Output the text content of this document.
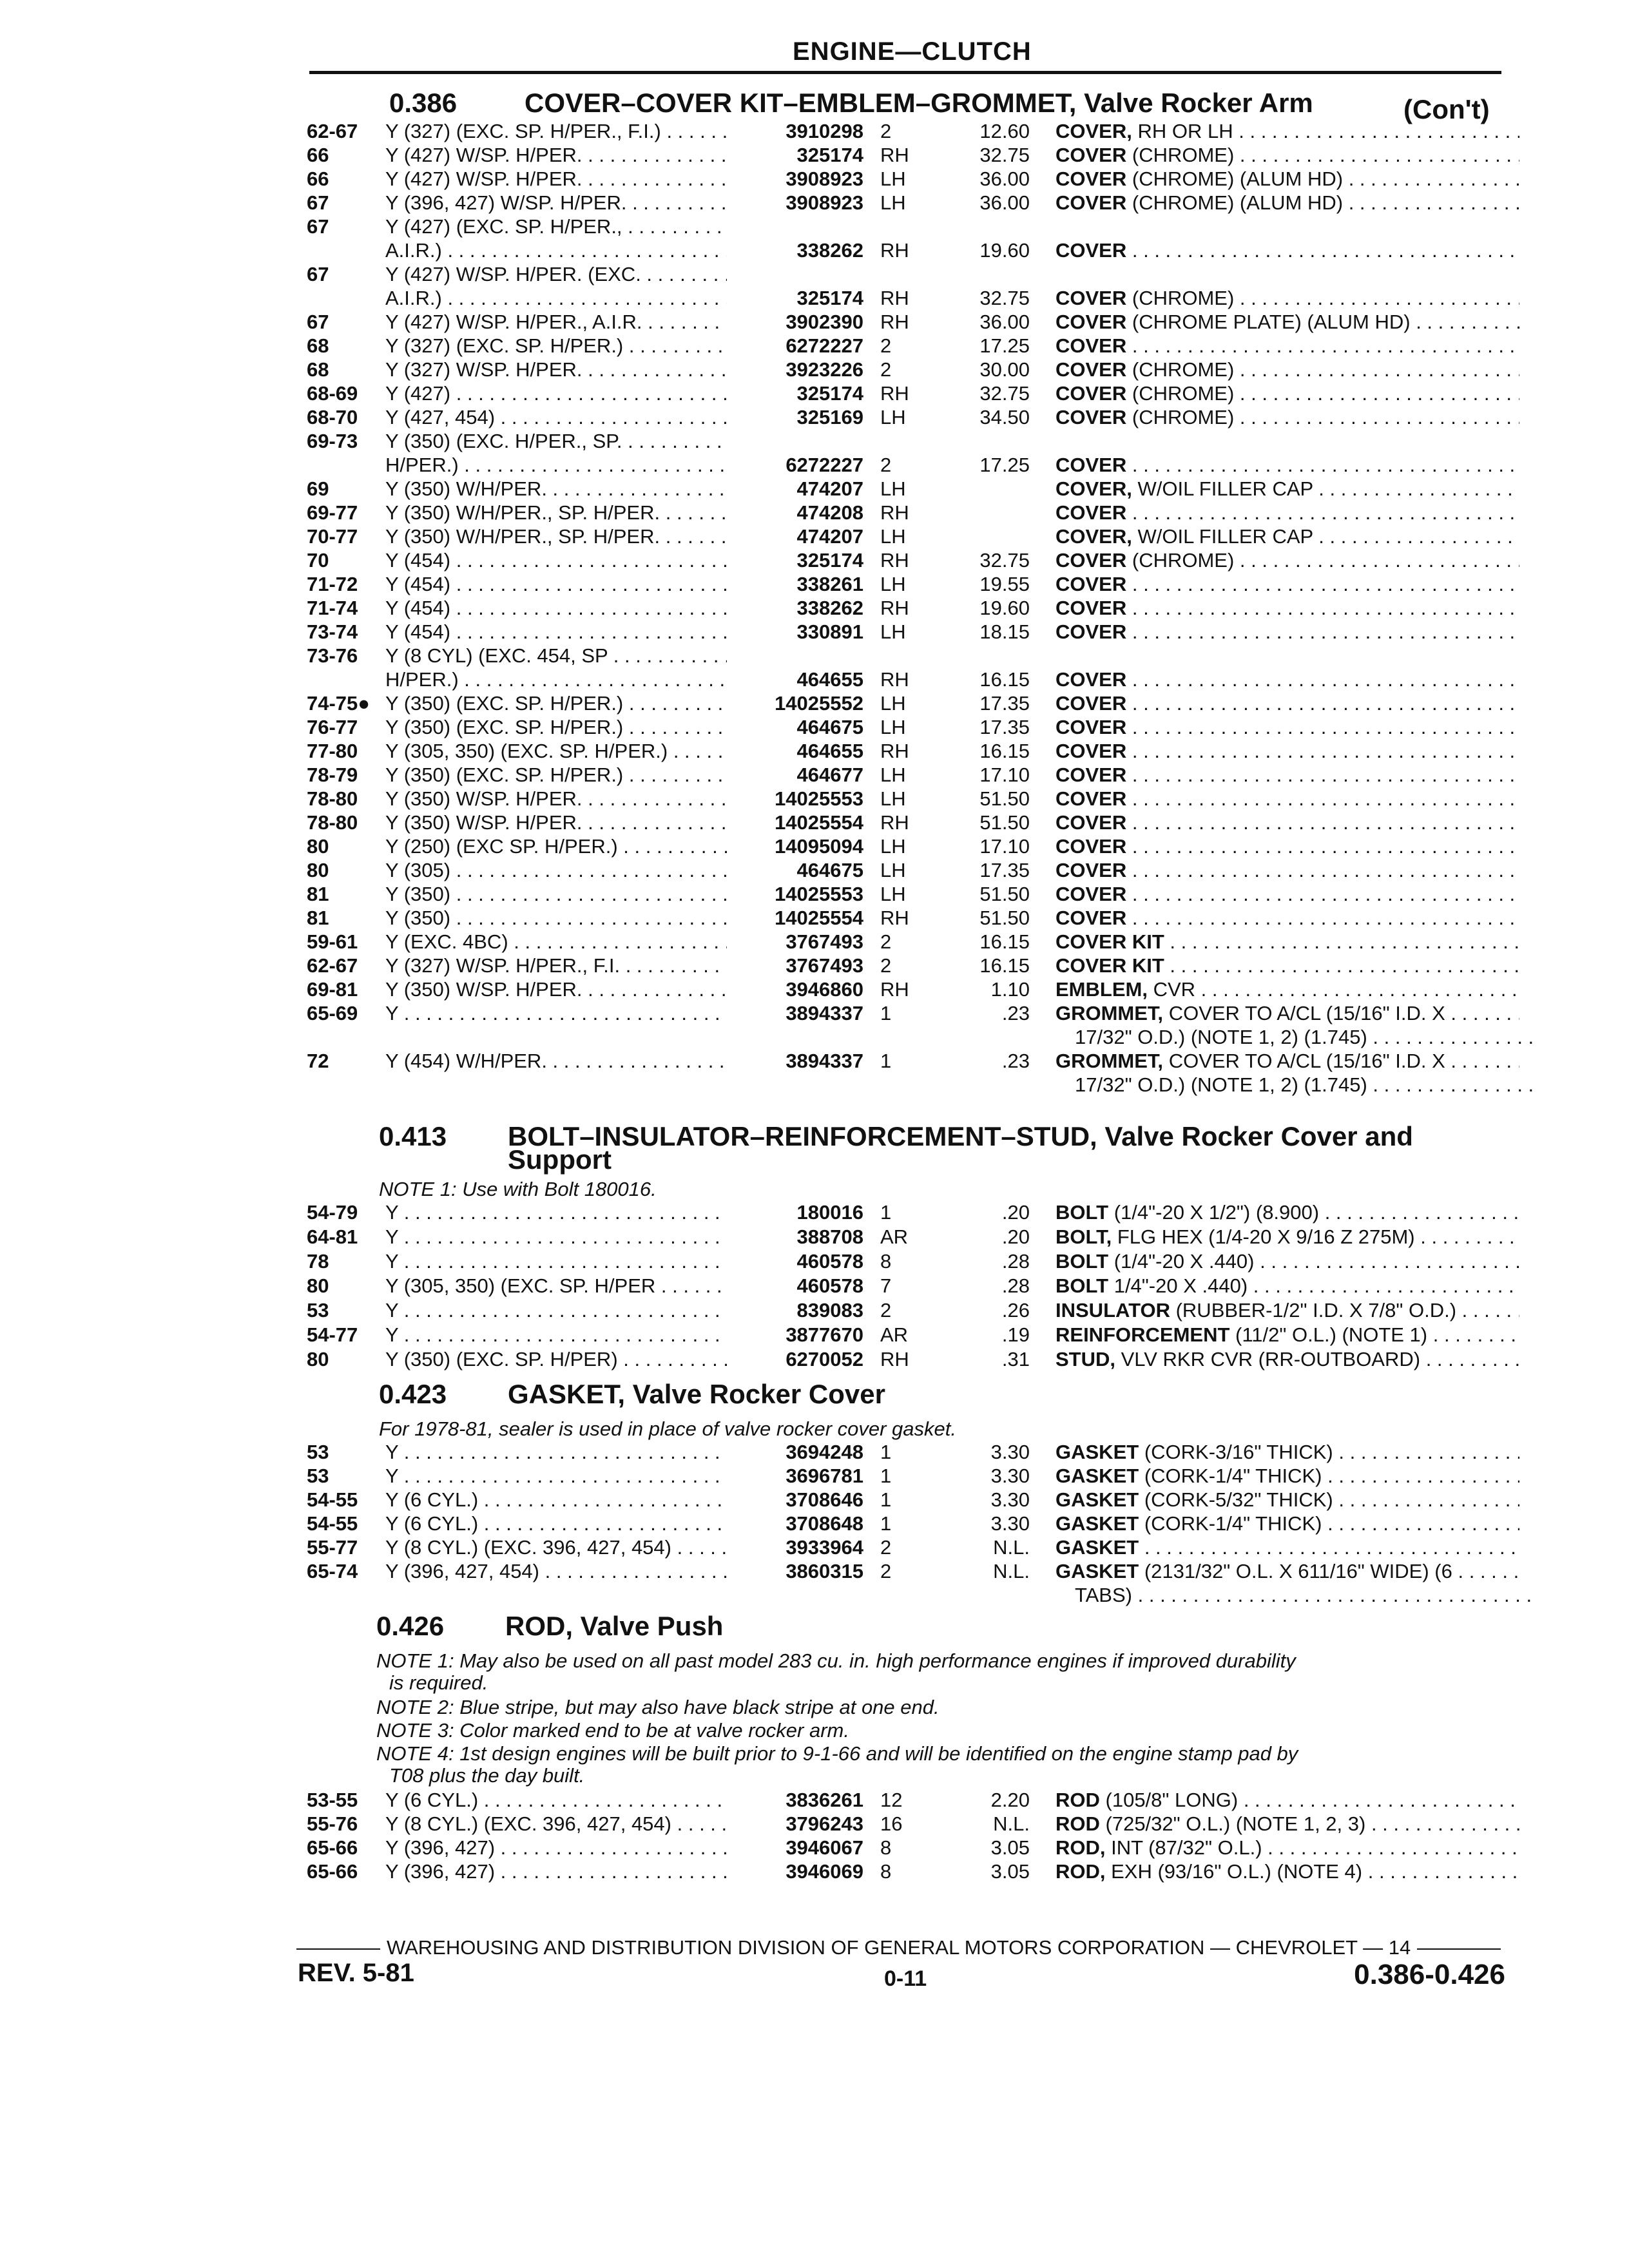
ENGINE—CLUTCH
0.386 COVER–COVER KIT–EMBLEM–GROMMET, Valve Rocker Arm	(Con't)
62-67 Y (327) (EXC. SP. H/PER., F.I.) . . .	3910298 2	12.60 COVER, RH OR LH . . .
66	Y (427) W/SP. H/PER. . . .	325174 RH	32.75 COVER (CHROME) . . .
66	Y (427) W/SP. H/PER. . . .	3908923 LH	36.00 COVER (CHROME) (ALUM HD) . . .
67	Y (396, 427) W/SP. H/PER. . . .	3908923 LH	36.00 COVER (CHROME) (ALUM HD) . . .
67	Y (427) (EXC. SP. H/PER., . . .
A.I.R.) . . .	338262 RH	19.60 COVER . . .
67	Y (427) W/SP. H/PER. (EXC. . . .
A.I.R.) . . .	325174 RH	32.75 COVER (CHROME) . . .
67	Y (427) W/SP. H/PER., A.I.R. . . .	3902390 RH	36.00 COVER (CHROME PLATE) (ALUM HD) . . .
68	Y (327) (EXC. SP. H/PER.) . . .	6272227 2	17.25 COVER . . .
68	Y (327) W/SP. H/PER. . . .	3923226 2	30.00 COVER (CHROME) . . .
68-69 Y (427) . . .	325174 RH	32.75 COVER (CHROME) . . .
68-70 Y (427, 454) . . .	325169 LH	34.50 COVER (CHROME) . . .
69-73 Y (350) (EXC. H/PER., SP. . . .
H/PER.) . . .	6272227 2	17.25 COVER . . .
69	Y (350) W/H/PER. . . .	474207 LH	COVER, W/OIL FILLER CAP . . .
69-77 Y (350) W/H/PER., SP. H/PER. . . .	474208 RH	COVER . . .
70-77 Y (350) W/H/PER., SP. H/PER. . . .	474207 LH	COVER, W/OIL FILLER CAP . . .
70	Y (454) . . .	325174 RH	32.75 COVER (CHROME) . . .
71-72 Y (454) . . .	338261 LH	19.55 COVER . . .
71-74 Y (454) . . .	338262 RH	19.60 COVER . . .
73-74 Y (454) . . .	330891 LH	18.15 COVER . . .
73-76 Y (8 CYL) (EXC. 454, SP . . .
H/PER.) . . .	464655 RH	16.15 COVER . . .
74-75● Y (350) (EXC. SP. H/PER.) . . .	14025552 LH	17.35 COVER . . .
76-77 Y (350) (EXC. SP. H/PER.) . . .	464675 LH	17.35 COVER . . .
77-80 Y (305, 350) (EXC. SP. H/PER.) . . .	464655 RH	16.15 COVER . . .
78-79 Y (350) (EXC. SP. H/PER.) . . .	464677 LH	17.10 COVER . . .
78-80 Y (350) W/SP. H/PER. . . .	14025553 LH	51.50 COVER . . .
78-80 Y (350) W/SP. H/PER. . . .	14025554 RH	51.50 COVER . . .
80	Y (250) (EXC SP. H/PER.) . . .	14095094 LH	17.10 COVER . . .
80	Y (305) . . .	464675 LH	17.35 COVER . . .
81	Y (350) . . .	14025553 LH	51.50 COVER . . .
81	Y (350) . . .	14025554 RH	51.50 COVER . . .
59-61 Y (EXC. 4BC) . . .	3767493 2	16.15 COVER KIT . . .
62-67 Y (327) W/SP. H/PER., F.I. . . .	3767493 2	16.15 COVER KIT . . .
69-81 Y (350) W/SP. H/PER. . . .	3946860 RH	1.10 EMBLEM, CVR . . .
65-69 Y . . .	3894337 1	.23 GROMMET, COVER TO A/CL (15/16" I.D. X . . .
17/32" O.D.) (NOTE 1, 2) (1.745) . . .
72	Y (454) W/H/PER. . . .	3894337 1	.23 GROMMET, COVER TO A/CL (15/16" I.D. X . . .
17/32" O.D.) (NOTE 1, 2) (1.745) . . .
0.413 BOLT–INSULATOR–REINFORCEMENT–STUD, Valve Rocker Cover and
Support
NOTE 1: Use with Bolt 180016.
54-79 Y . . .	180016 1	.20 BOLT (1/4"-20 X 1/2") (8.900) . . .
64-81 Y . . .	388708 AR	.20 BOLT, FLG HEX (1/4-20 X 9/16 Z 275M) . . .
78	Y . . .	460578 8	.28 BOLT (1/4"-20 X .440) . . .
80	Y (305, 350) (EXC. SP. H/PER . . . .	460578 7	.28 BOLT 1/4"-20 X .440) . . .
53	Y . . .	839083 2	.26 INSULATOR (RUBBER-1/2" I.D. X 7/8" O.D.) . . .
54-77 Y . . .	3877670 AR	.19 REINFORCEMENT (11/2" O.L.) (NOTE 1) . . .
80	Y (350) (EXC. SP. H/PER) . . .	6270052 RH	.31 STUD, VLV RKR CVR (RR-OUTBOARD) . . .
0.423 GASKET, Valve Rocker Cover
For 1978-81, sealer is used in place of valve rocker cover gasket.
53	Y . . .	3694248 1	3.30 GASKET (CORK-3/16" THICK) . . .
53	Y . . .	3696781 1	3.30 GASKET (CORK-1/4" THICK) . . .
54-55 Y (6 CYL.) . . .	3708646 1	3.30 GASKET (CORK-5/32" THICK) . . .
54-55 Y (6 CYL.) . . .	3708648 1	3.30 GASKET (CORK-1/4" THICK) . . .
55-77 Y (8 CYL.) (EXC. 396, 427, 454) . . .	3933964 2	N.L. GASKET . . .
65-74 Y (396, 427, 454) . . .	3860315 2	N.L. GASKET (2131/32" O.L. X 611/16" WIDE) (6 . . .
TABS) . . .
0.426 ROD, Valve Push
NOTE 1: May also be used on all past model 283 cu. in. high performance engines if improved durability
is required.
NOTE 2: Blue stripe, but may also have black stripe at one end.
NOTE 3: Color marked end to be at valve rocker arm.
NOTE 4: 1st design engines will be built prior to 9-1-66 and will be identified on the engine stamp pad by
T08 plus the day built.
53-55 Y (6 CYL.) . . .	3836261 12	2.20 ROD (105/8" LONG) . . .
55-76 Y (8 CYL.) (EXC. 396, 427, 454) . . .	3796243 16	N.L. ROD (725/32" O.L.) (NOTE 1, 2, 3) . . .
65-66 Y (396, 427) . . .	3946067 8	3.05 ROD, INT (87/32" O.L.) . . .
65-66 Y (396, 427) . . .	3946069 8	3.05 ROD, EXH (93/16" O.L.) (NOTE 4) . . .
WAREHOUSING AND DISTRIBUTION DIVISION OF GENERAL MOTORS CORPORATION — CHEVROLET — 14
REV. 5-81	0-11	0.386-0.426
